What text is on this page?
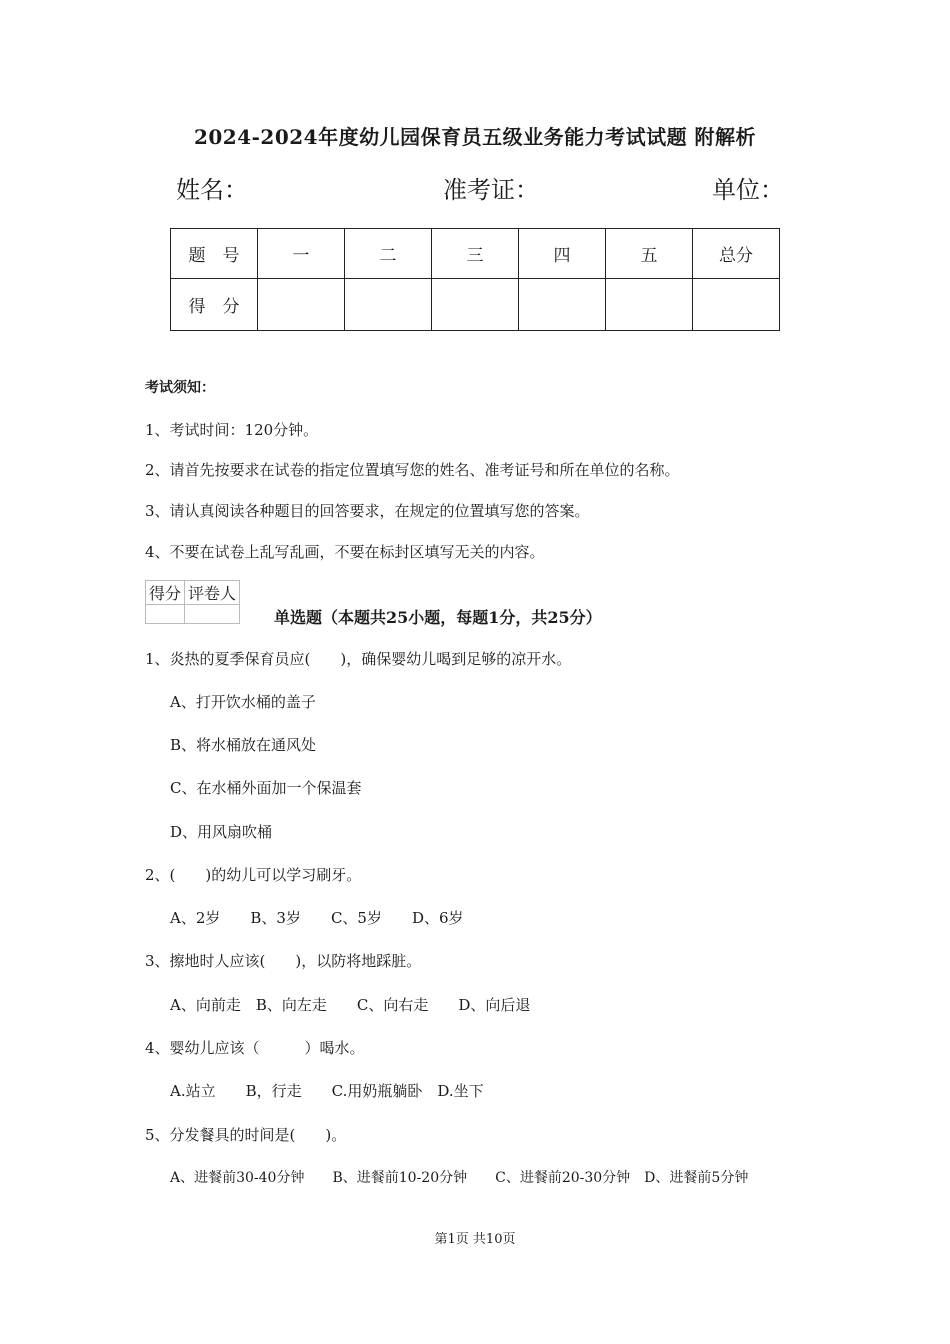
2024-2024年度幼儿园保育员五级业务能力考试试题 附解析
姓名：	准考证：	单位：
题　号	一	二	三	四	五	总分
得　分						
考试须知：
1、考试时间：120分钟。
2、请首先按要求在试卷的指定位置填写您的姓名、准考证号和所在单位的名称。
3、请认真阅读各种题目的回答要求，在规定的位置填写您的答案。
4、不要在试卷上乱写乱画，不要在标封区填写无关的内容。
得分	评卷人

单选题（本题共25小题，每题1分，共25分）
1、炎热的夏季保育员应(　　)，确保婴幼儿喝到足够的凉开水。
A、打开饮水桶的盖子
B、将水桶放在通风处
C、在水桶外面加一个保温套
D、用风扇吹桶
2、(　　)的幼儿可以学习刷牙。
A、2岁　　B、3岁　　C、5岁　　D、6岁
3、擦地时人应该(　　)，以防将地踩脏。
A、向前走　B、向左走　　C、向右走　　D、向后退
4、婴幼儿应该（　　　）喝水。
A.站立　　B，行走　　C.用奶瓶躺卧　D.坐下
5、分发餐具的时间是(　　)。
A、进餐前30-40分钟　　B、进餐前10-20分钟　　C、进餐前20-30分钟　D、进餐前5分钟
第1页 共10页
